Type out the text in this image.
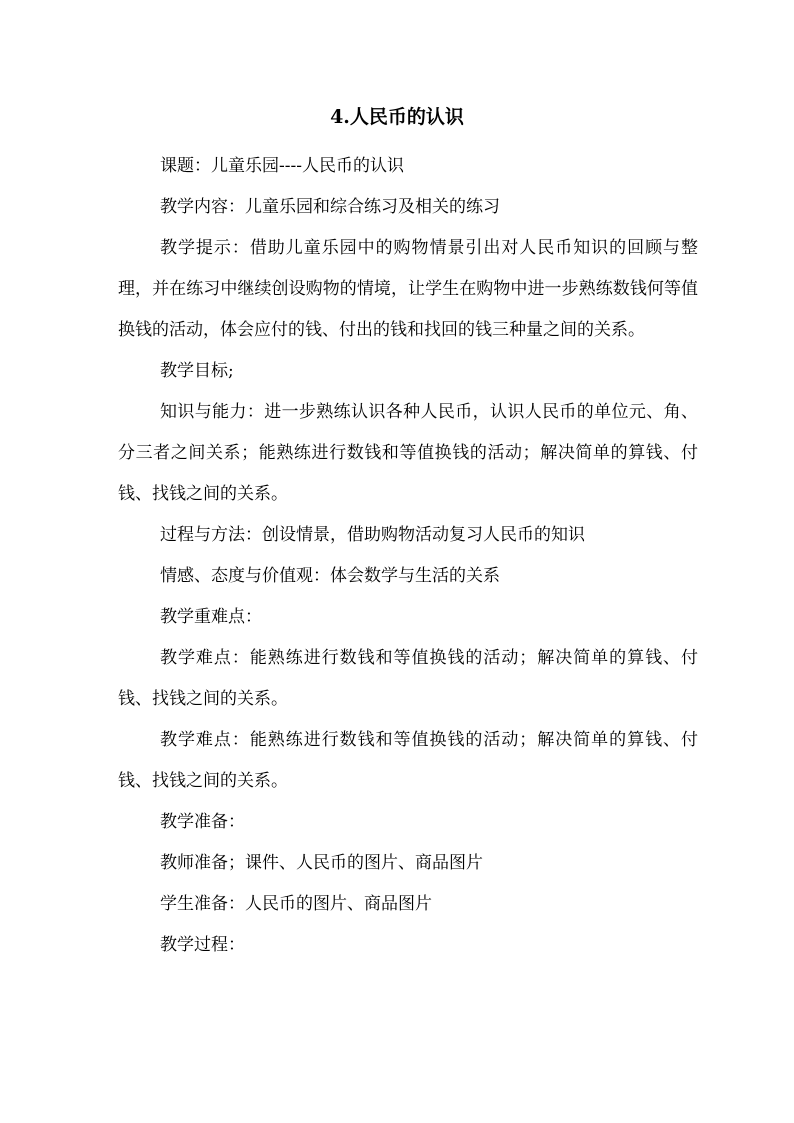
4.人民币的认识

课题：儿童乐园----人民币的认识

教学内容：儿童乐园和综合练习及相关的练习

教学提示：借助儿童乐园中的购物情景引出对人民币知识的回顾与整理，并在练习中继续创设购物的情境，让学生在购物中进一步熟练数钱何等值换钱的活动，体会应付的钱、付出的钱和找回的钱三种量之间的关系。

教学目标;

知识与能力：进一步熟练认识各种人民币，认识人民币的单位元、角、分三者之间关系；能熟练进行数钱和等值换钱的活动；解决简单的算钱、付钱、找钱之间的关系。

过程与方法：创设情景，借助购物活动复习人民币的知识

情感、态度与价值观：体会数学与生活的关系

教学重难点：

教学难点：能熟练进行数钱和等值换钱的活动；解决简单的算钱、付钱、找钱之间的关系。

教学难点：能熟练进行数钱和等值换钱的活动；解决简单的算钱、付钱、找钱之间的关系。

教学准备：

教师准备；课件、人民币的图片、商品图片

学生准备：人民币的图片、商品图片

教学过程：
